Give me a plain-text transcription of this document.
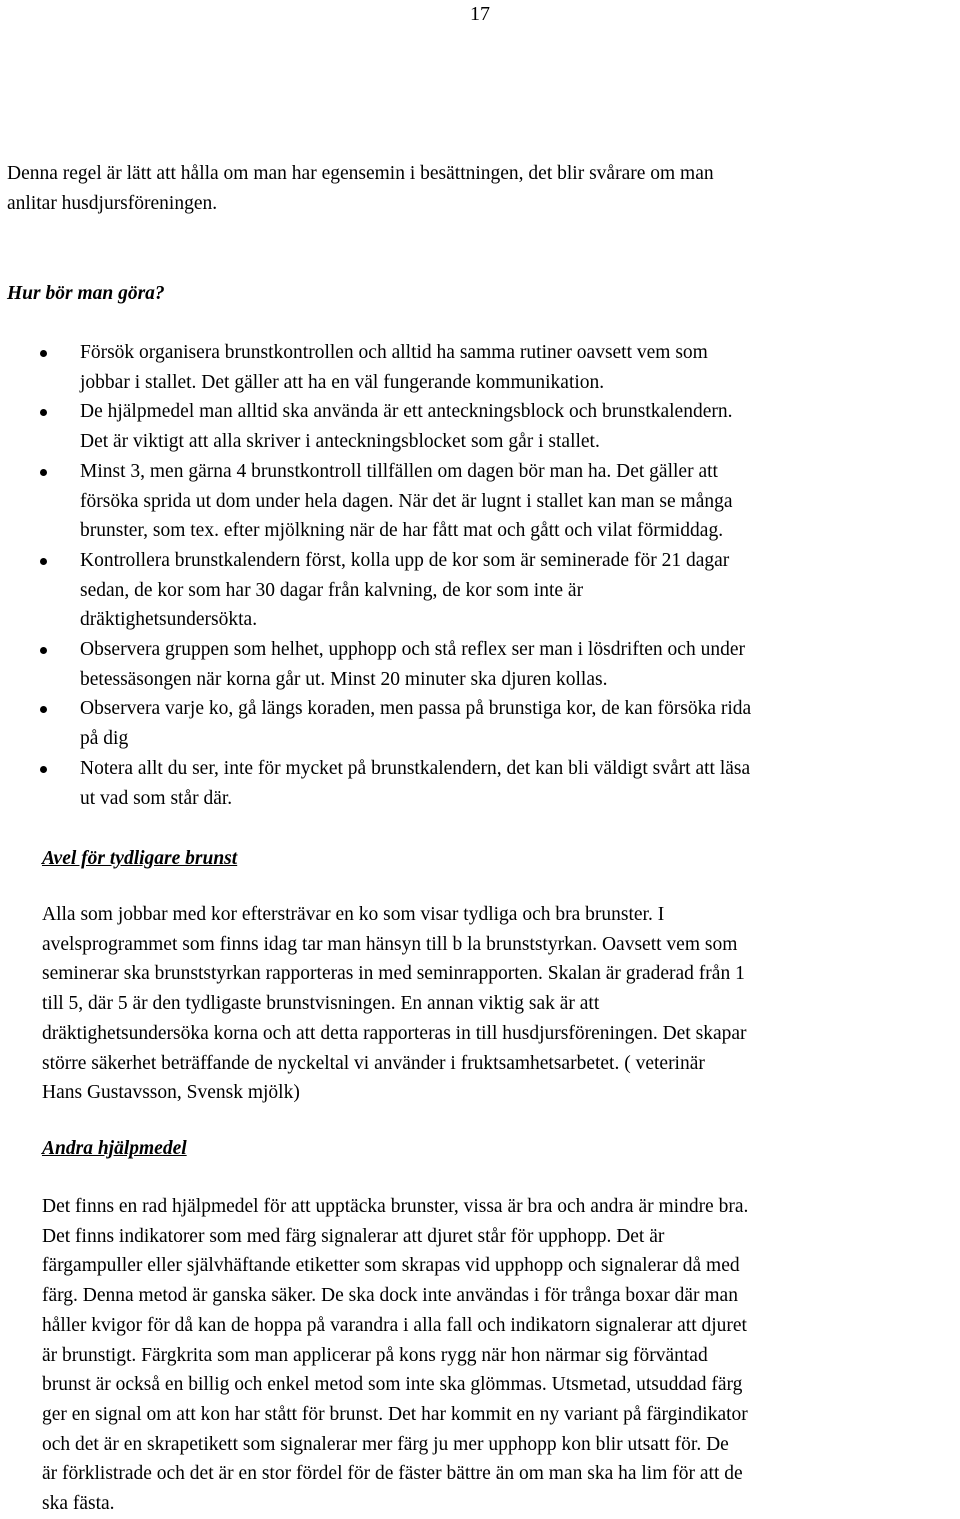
17

Denna regel är lätt att hålla om man har egensemin i besättningen, det blir svårare om man
anlitar husdjursföreningen.

Hur bör man göra?
Försök organisera brunstkontrollen och alltid ha samma rutiner oavsett vem som
jobbar i stallet. Det gäller att ha en väl fungerande kommunikation.
De hjälpmedel man alltid ska använda är ett anteckningsblock och brunstkalendern.
Det är viktigt att alla skriver i anteckningsblocket som går i stallet.
Minst 3, men gärna 4 brunstkontroll tillfällen om dagen bör man ha. Det gäller att
försöka sprida ut dom under hela dagen. När det är lugnt i stallet kan man se många
brunster, som tex. efter mjölkning när de har fått mat och gått och vilat förmiddag.
Kontrollera brunstkalendern först, kolla upp de kor som är seminerade för 21 dagar
sedan, de kor som har 30 dagar från kalvning, de kor som inte är
dräktighetsundersökta.
Observera gruppen som helhet, upphopp och stå reflex ser man i lösdriften och under
betessäsongen när korna går ut. Minst 20 minuter ska djuren kollas.
Observera varje ko, gå längs koraden, men passa på brunstiga kor, de kan försöka rida
på dig
Notera allt du ser, inte för mycket på brunstkalendern, det kan bli väldigt svårt att läsa
ut vad som står där.
Avel för tydligare brunst

Alla som jobbar med kor eftersträvar en ko som visar tydliga och bra brunster. I
avelsprogrammet som finns idag tar man hänsyn till b la brunststyrkan. Oavsett vem som
seminerar ska brunststyrkan rapporteras in med seminrapporten. Skalan är graderad från 1
till 5, där 5 är den tydligaste brunstvisningen. En annan viktig sak är att
dräktighetsundersöka korna och att detta rapporteras in till husdjursföreningen. Det skapar
större säkerhet beträffande de nyckeltal vi använder i fruktsamhetsarbetet. ( veterinär
Hans Gustavsson, Svensk mjölk)

Andra hjälpmedel

Det finns en rad hjälpmedel för att upptäcka brunster, vissa är bra och andra är mindre bra.
Det finns indikatorer som med färg signalerar att djuret står för upphopp. Det är
färgampuller eller självhäftande etiketter som skrapas vid upphopp och signalerar då med
färg. Denna metod är ganska säker. De ska dock inte användas i för trånga boxar där man
håller kvigor för då kan de hoppa på varandra i alla fall och indikatorn signalerar att djuret
är brunstigt. Färgkrita som man applicerar på kons rygg när hon närmar sig förväntad
brunst är också en billig och enkel metod som inte ska glömmas. Utsmetad, utsuddad färg
ger en signal om att kon har stått för brunst. Det har kommit en ny variant på färgindikator
och det är en skrapetikett som signalerar mer färg ju mer upphopp kon blir utsatt för. De
är förklistrade och det är en stor fördel för de fäster bättre än om man ska ha lim för att de
ska fästa.
